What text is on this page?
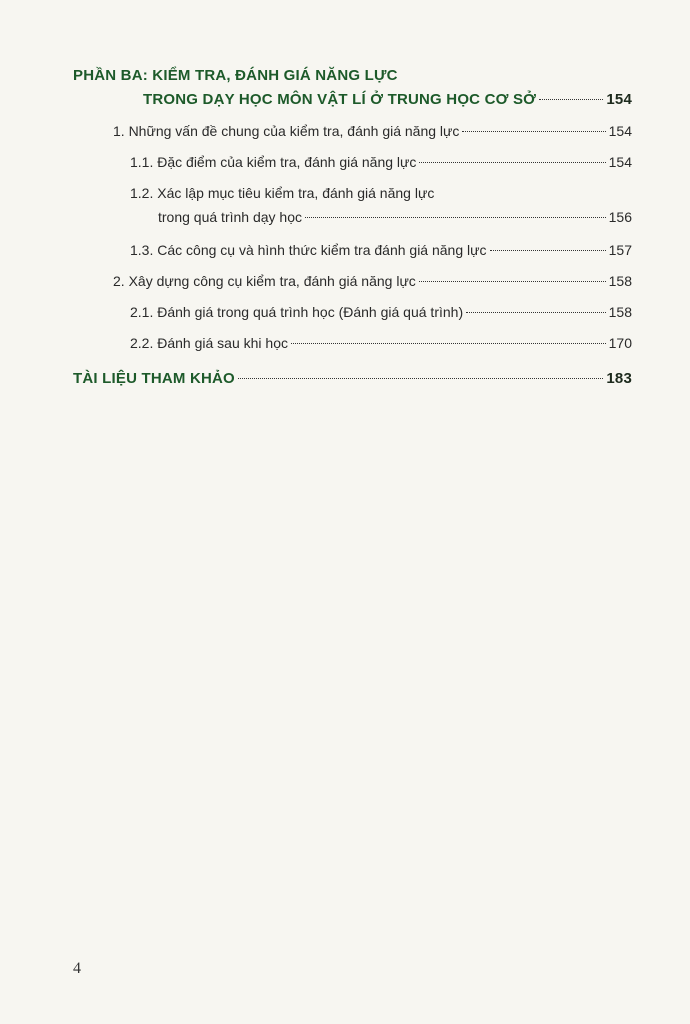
PHẦN BA: KIỂM TRA, ĐÁNH GIÁ NĂNG LỰC
TRONG DẠY HỌC MÔN VẬT LÍ Ở TRUNG HỌC CƠ SỞ	154
1. Những vấn đề chung của kiểm tra, đánh giá năng lực	154
1.1. Đặc điểm của kiểm tra, đánh giá năng lực	154
1.2. Xác lập mục tiêu kiểm tra, đánh giá năng lực
trong quá trình dạy học	156
1.3. Các công cụ và hình thức kiểm tra đánh giá năng lực	157
2. Xây dựng công cụ kiểm tra, đánh giá năng lực	158
2.1. Đánh giá trong quá trình học (Đánh giá quá trình)	158
2.2. Đánh giá sau khi học	170
TÀI LIỆU THAM KHẢO	183
4
